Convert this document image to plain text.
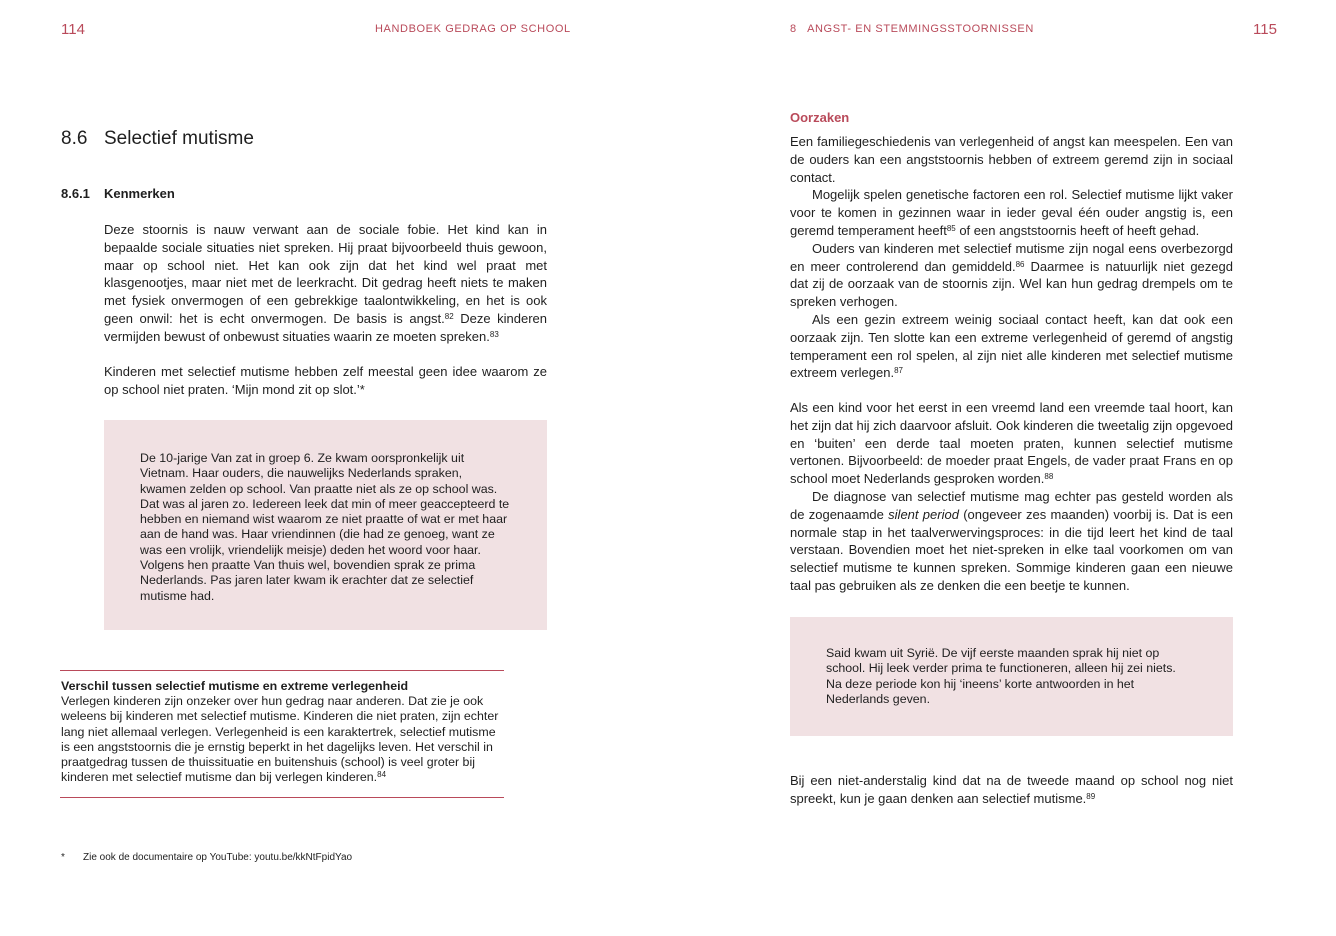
114	HANDBOEK GEDRAG OP SCHOOL
8.6 Selectief mutisme
8.6.1 Kenmerken

Deze stoornis is nauw verwant aan de sociale fobie. Het kind kan in bepaalde sociale situaties niet spreken. Hij praat bijvoorbeeld thuis gewoon, maar op school niet. Het kan ook zijn dat het kind wel praat met klasgenootjes, maar niet met de leerkracht. Dit gedrag heeft niets te maken met fysiek onvermogen of een gebrekkige taalontwikkeling, en het is ook geen onwil: het is echt onvermogen. De basis is angst.$^{82}$ Deze kinderen vermijden bewust of onbewust situaties waarin ze moeten spreken.$^{83}$

Kinderen met selectief mutisme hebben zelf meestal geen idee waarom ze op school niet praten. ‘Mijn mond zit op slot.’*

De 10-jarige Van zat in groep 6. Ze kwam oorspronkelijk uit Vietnam. Haar ouders, die nauwelijks Nederlands spraken, kwamen zelden op school. Van praatte niet als ze op school was. Dat was al jaren zo. Iedereen leek dat min of meer geaccepteerd te hebben en niemand wist waarom ze niet praatte of wat er met haar aan de hand was. Haar vriendinnen (die had ze genoeg, want ze was een vrolijk, vriendelijk meisje) deden het woord voor haar. Volgens hen praatte Van thuis wel, bovendien sprak ze prima Nederlands. Pas jaren later kwam ik erachter dat ze selectief mutisme had.

Verschil tussen selectief mutisme en extreme verlegenheid

Verlegen kinderen zijn onzeker over hun gedrag naar anderen. Dat zie je ook weleens bij kinderen met selectief mutisme. Kinderen die niet praten, zijn echter lang niet allemaal verlegen. Verlegenheid is een karaktertrek, selectief mutisme is een angststoornis die je ernstig beperkt in het dagelijks leven. Het verschil in praatgedrag tussen de thuissituatie en buitenshuis (school) is veel groter bij kinderen met selectief mutisme dan bij verlegen kinderen.$^{84}$

* Zie ook de documentaire op YouTube: youtu.be/kkNtFpidYao
8   ANGST- EN STEMMINGSSTOORNISSEN	115
Oorzaken

Een familiegeschiedenis van verlegenheid of angst kan meespelen. Een van de ouders kan een angststoornis hebben of extreem geremd zijn in sociaal contact.

Mogelijk spelen genetische factoren een rol. Selectief mutisme lijkt vaker voor te komen in gezinnen waar in ieder geval één ouder angstig is, een geremd temperament heeft$^{85}$ of een angststoornis heeft of heeft gehad.

Ouders van kinderen met selectief mutisme zijn nogal eens overbezorgd en meer controlerend dan gemiddeld.$^{86}$ Daarmee is natuurlijk niet gezegd dat zij de oorzaak van de stoornis zijn. Wel kan hun gedrag drempels om te spreken verhogen.

Als een gezin extreem weinig sociaal contact heeft, kan dat ook een oorzaak zijn. Ten slotte kan een extreme verlegenheid of geremd of angstig temperament een rol spelen, al zijn niet alle kinderen met selectief mutisme extreem verlegen.$^{87}$

Als een kind voor het eerst in een vreemd land een vreemde taal hoort, kan het zijn dat hij zich daarvoor afsluit. Ook kinderen die tweetalig zijn opgevoed en ‘buiten’ een derde taal moeten praten, kunnen selectief mutisme vertonen. Bijvoorbeeld: de moeder praat Engels, de vader praat Frans en op school moet Nederlands gesproken worden.$^{88}$

De diagnose van selectief mutisme mag echter pas gesteld worden als de zogenaamde silent period (ongeveer zes maanden) voorbij is. Dat is een normale stap in het taalverwervingsproces: in die tijd leert het kind de taal verstaan. Bovendien moet het niet-spreken in elke taal voorkomen om van selectief mutisme te kunnen spreken. Sommige kinderen gaan een nieuwe taal pas gebruiken als ze denken die een beetje te kunnen.

Said kwam uit Syrië. De vijf eerste maanden sprak hij niet op school. Hij leek verder prima te functioneren, alleen hij zei niets. Na deze periode kon hij ‘ineens’ korte antwoorden in het Nederlands geven.

Bij een niet-anderstalig kind dat na de tweede maand op school nog niet spreekt, kun je gaan denken aan selectief mutisme.$^{89}$
